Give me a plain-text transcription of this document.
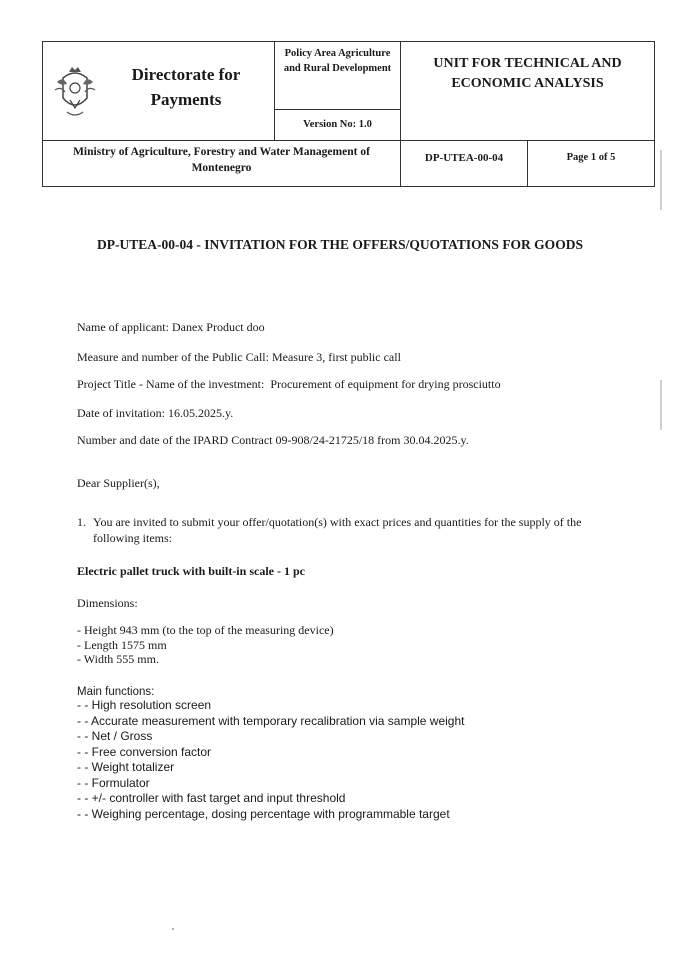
Directorate for Payments
Policy Area Agriculture and Rural Development
Version No: 1.0
UNIT FOR TECHNICAL AND ECONOMIC ANALYSIS
Ministry of Agriculture, Forestry and Water Management of Montenegro
DP-UTEA-00-04	Page 1 of 5
DP-UTEA-00-04 - INVITATION FOR THE OFFERS/QUOTATIONS FOR GOODS
Name of applicant: Danex Product doo
Measure and number of the Public Call: Measure 3, first public call
Project Title - Name of the investment: Procurement of equipment for drying prosciutto
Date of invitation: 16.05.2025.y.
Number and date of the IPARD Contract 09-908/24-21725/18 from 30.04.2025.y.
Dear Supplier(s),
1. You are invited to submit your offer/quotation(s) with exact prices and quantities for the supply of the following items:
Electric pallet truck with built-in scale - 1 pc
Dimensions:
- Height 943 mm (to the top of the measuring device)
- Length 1575 mm
- Width 555 mm.
Main functions:
- - High resolution screen
- - Accurate measurement with temporary recalibration via sample weight
- - Net / Gross
- - Free conversion factor
- - Weight totalizer
- - Formulator
- - +/- controller with fast target and input threshold
- - Weighing percentage, dosing percentage with programmable target
